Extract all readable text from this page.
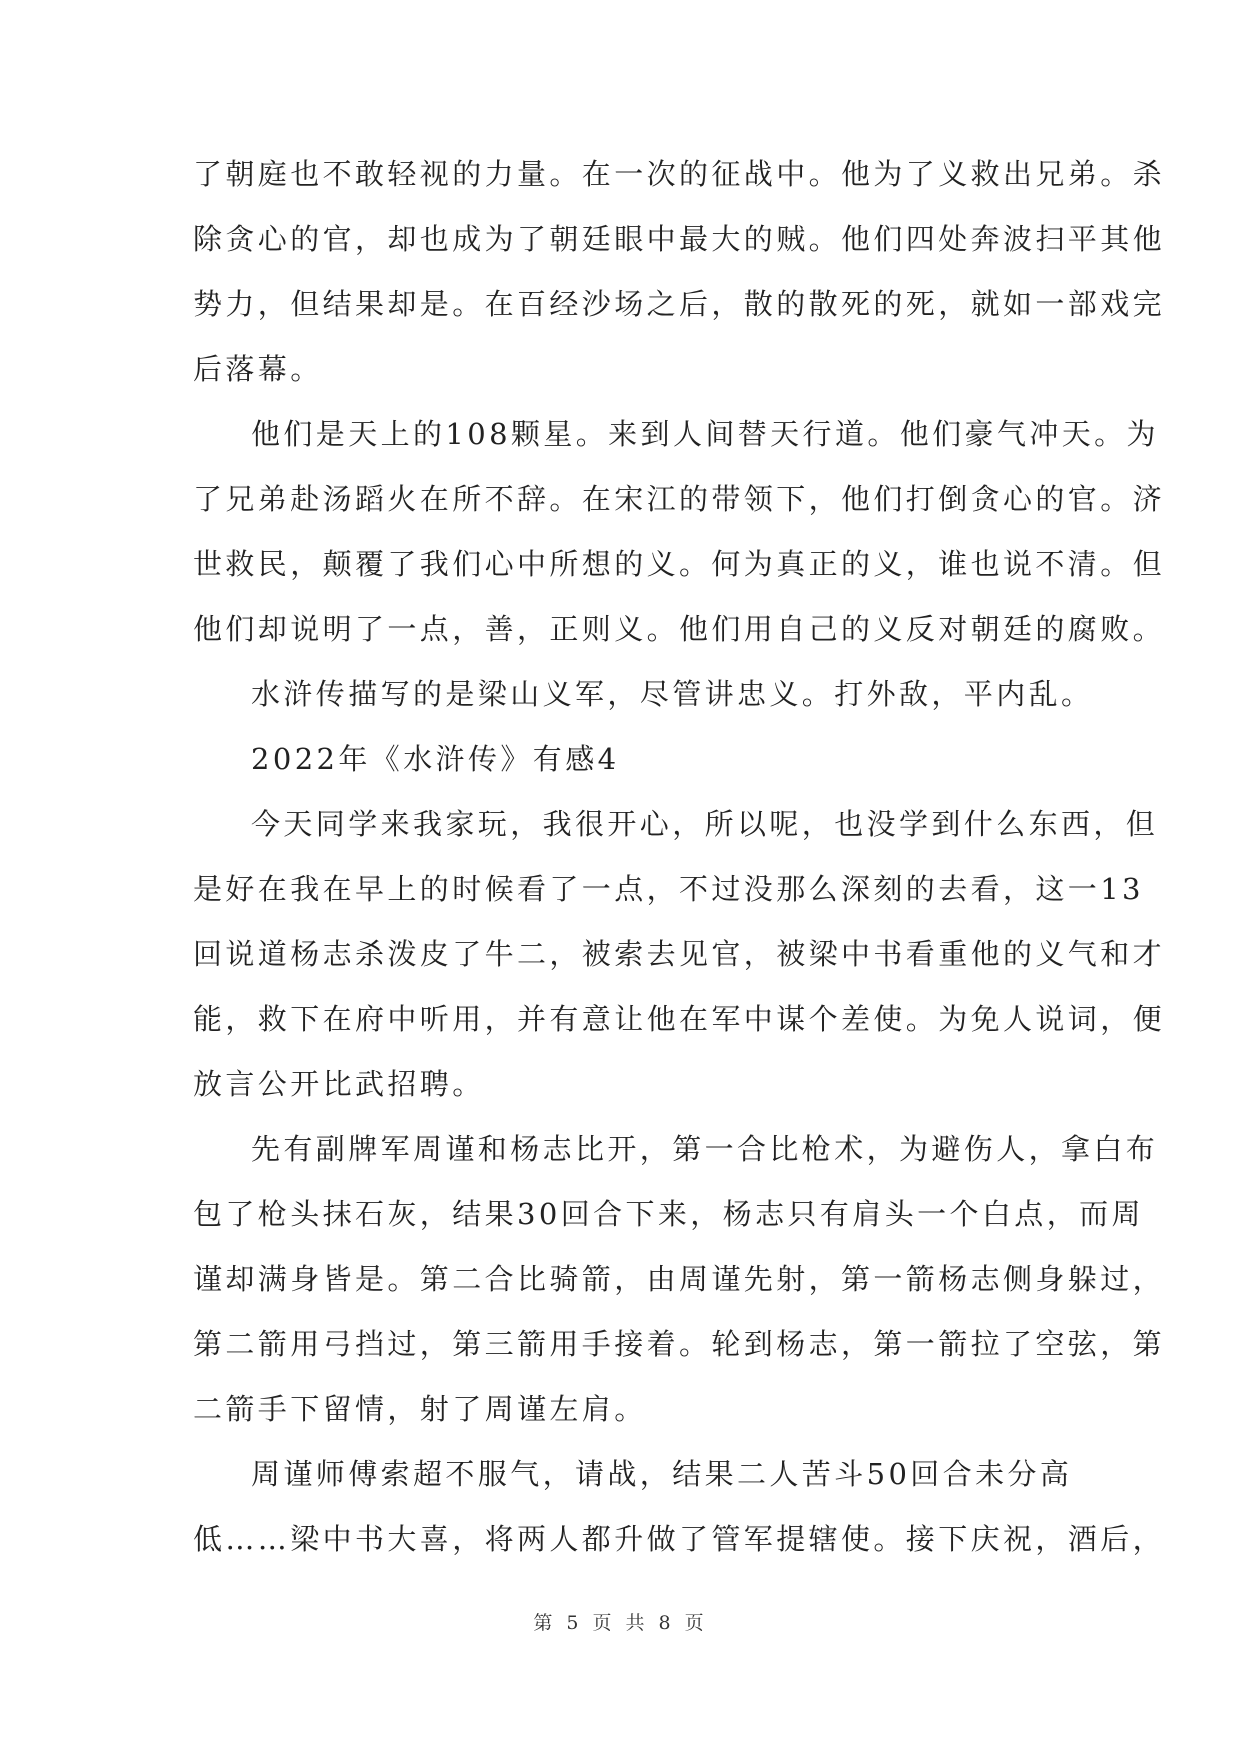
了朝庭也不敢轻视的力量。在一次的征战中。他为了义救出兄弟。杀
除贪心的官，却也成为了朝廷眼中最大的贼。他们四处奔波扫平其他
势力，但结果却是。在百经沙场之后，散的散死的死，就如一部戏完
后落幕。

他们是天上的108颗星。来到人间替天行道。他们豪气冲天。为
了兄弟赴汤蹈火在所不辞。在宋江的带领下，他们打倒贪心的官。济
世救民，颠覆了我们心中所想的义。何为真正的义，谁也说不清。但
他们却说明了一点，善，正则义。他们用自己的义反对朝廷的腐败。

水浒传描写的是梁山义军，尽管讲忠义。打外敌，平内乱。

2022年《水浒传》有感4

今天同学来我家玩，我很开心，所以呢，也没学到什么东西，但
是好在我在早上的时候看了一点，不过没那么深刻的去看，这一13
回说道杨志杀泼皮了牛二，被索去见官，被梁中书看重他的义气和才
能，救下在府中听用，并有意让他在军中谋个差使。为免人说词，便
放言公开比武招聘。

先有副牌军周谨和杨志比开，第一合比枪术，为避伤人，拿白布
包了枪头抹石灰，结果30回合下来，杨志只有肩头一个白点，而周
谨却满身皆是。第二合比骑箭，由周谨先射，第一箭杨志侧身躲过，
第二箭用弓挡过，第三箭用手接着。轮到杨志，第一箭拉了空弦，第
二箭手下留情，射了周谨左肩。

周谨师傅索超不服气，请战，结果二人苦斗50回合未分高
低……梁中书大喜，将两人都升做了管军提辖使。接下庆祝，酒后，

第 5 页 共 8 页
